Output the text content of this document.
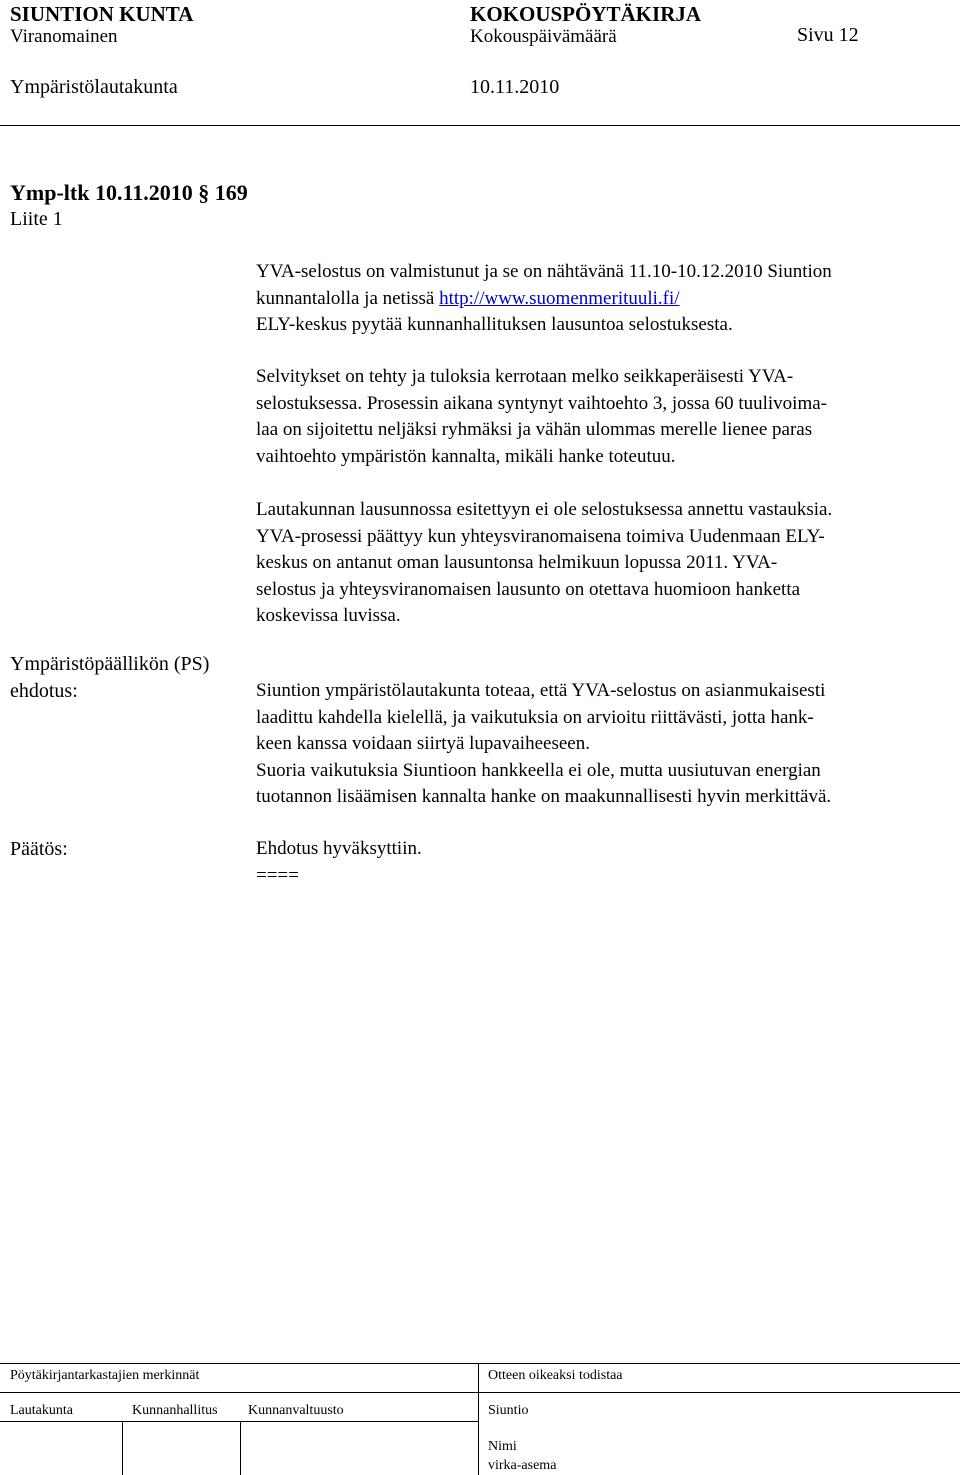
SIUNTION KUNTA	KOKOUSPÖYTÄKIRJA
Viranomainen	Kokouspäivämäärä	Sivu 12
Ympäristölautakunta	10.11.2010
Ymp-ltk 10.11.2010 § 169
Liite 1
YVA-selostus on valmistunut ja se on nähtävänä 11.10-10.12.2010 Siuntion
kunnantalolla ja netissä http://www.suomenmerituuli.fi/
ELY-keskus pyytää kunnanhallituksen lausuntoa selostuksesta.
Selvitykset on tehty ja tuloksia kerrotaan melko seikkaperäisesti YVA-
selostuksessa. Prosessin aikana syntynyt vaihtoehto 3, jossa 60 tuulivoima-
laa on sijoitettu neljäksi ryhmäksi ja vähän ulommas merelle lienee paras
vaihtoehto ympäristön kannalta, mikäli hanke toteutuu.
Lautakunnan lausunnossa esitettyyn ei ole selostuksessa annettu vastauksia.
YVA-prosessi päättyy kun yhteysviranomaisena toimiva Uudenmaan ELY-
keskus on antanut oman lausuntonsa helmikuun lopussa 2011. YVA-
selostus ja yhteysviranomaisen lausunto on otettava huomioon hanketta
koskevissa luvissa.
Ympäristöpäällikön (PS)
ehdotus:	Siuntion ympäristölautakunta toteaa, että YVA-selostus on asianmukaisesti
laadittu kahdella kielellä, ja vaikutuksia on arvioitu riittävästi, jotta hank-
keen kanssa voidaan siirtyä lupavaiheeseen.
Suoria vaikutuksia Siuntioon hankkeella ei ole, mutta uusiutuvan energian
tuotannon lisäämisen kannalta hanke on maakunnallisesti hyvin merkittävä.
Päätös:	Ehdotus hyväksyttiin.
====
Pöytäkirjantarkastajien merkinnät	Otteen oikeaksi todistaa
Lautakunta	Kunnanhallitus Kunnanvaltuusto	Siuntio
Nimi
virka-asema
